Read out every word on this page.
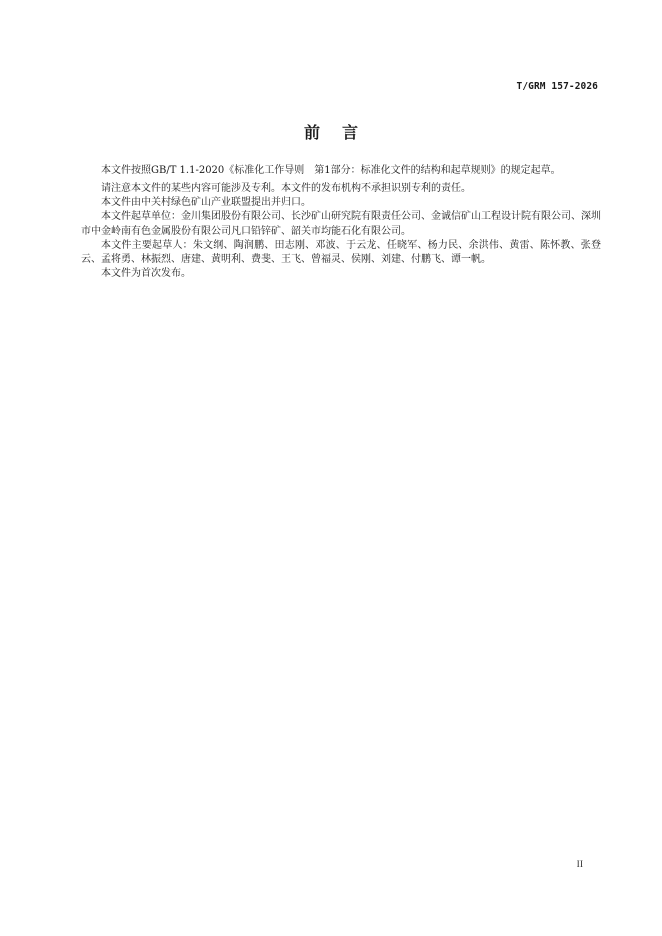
T/GRM 157-2026
前言

本文件按照GB/T 1.1-2020《标准化工作导则　第1部分：标准化文件的结构和起草规则》的规定起草。

请注意本文件的某些内容可能涉及专利。本文件的发布机构不承担识别专利的责任。

本文件由中关村绿色矿山产业联盟提出并归口。

本文件起草单位：金川集团股份有限公司、长沙矿山研究院有限责任公司、金诚信矿山工程设计院有限公司、深圳市中金岭南有色金属股份有限公司凡口铅锌矿、韶关市均能石化有限公司。

本文件主要起草人：朱文纲、陶润鹏、田志刚、邓波、于云龙、任晓军、杨力民、余洪伟、黄雷、陈怀教、张登云、孟将勇、林振烈、唐建、黄明利、费斐、王飞、曾福灵、侯刚、刘建、付鹏飞、谭一帆。

本文件为首次发布。

II
